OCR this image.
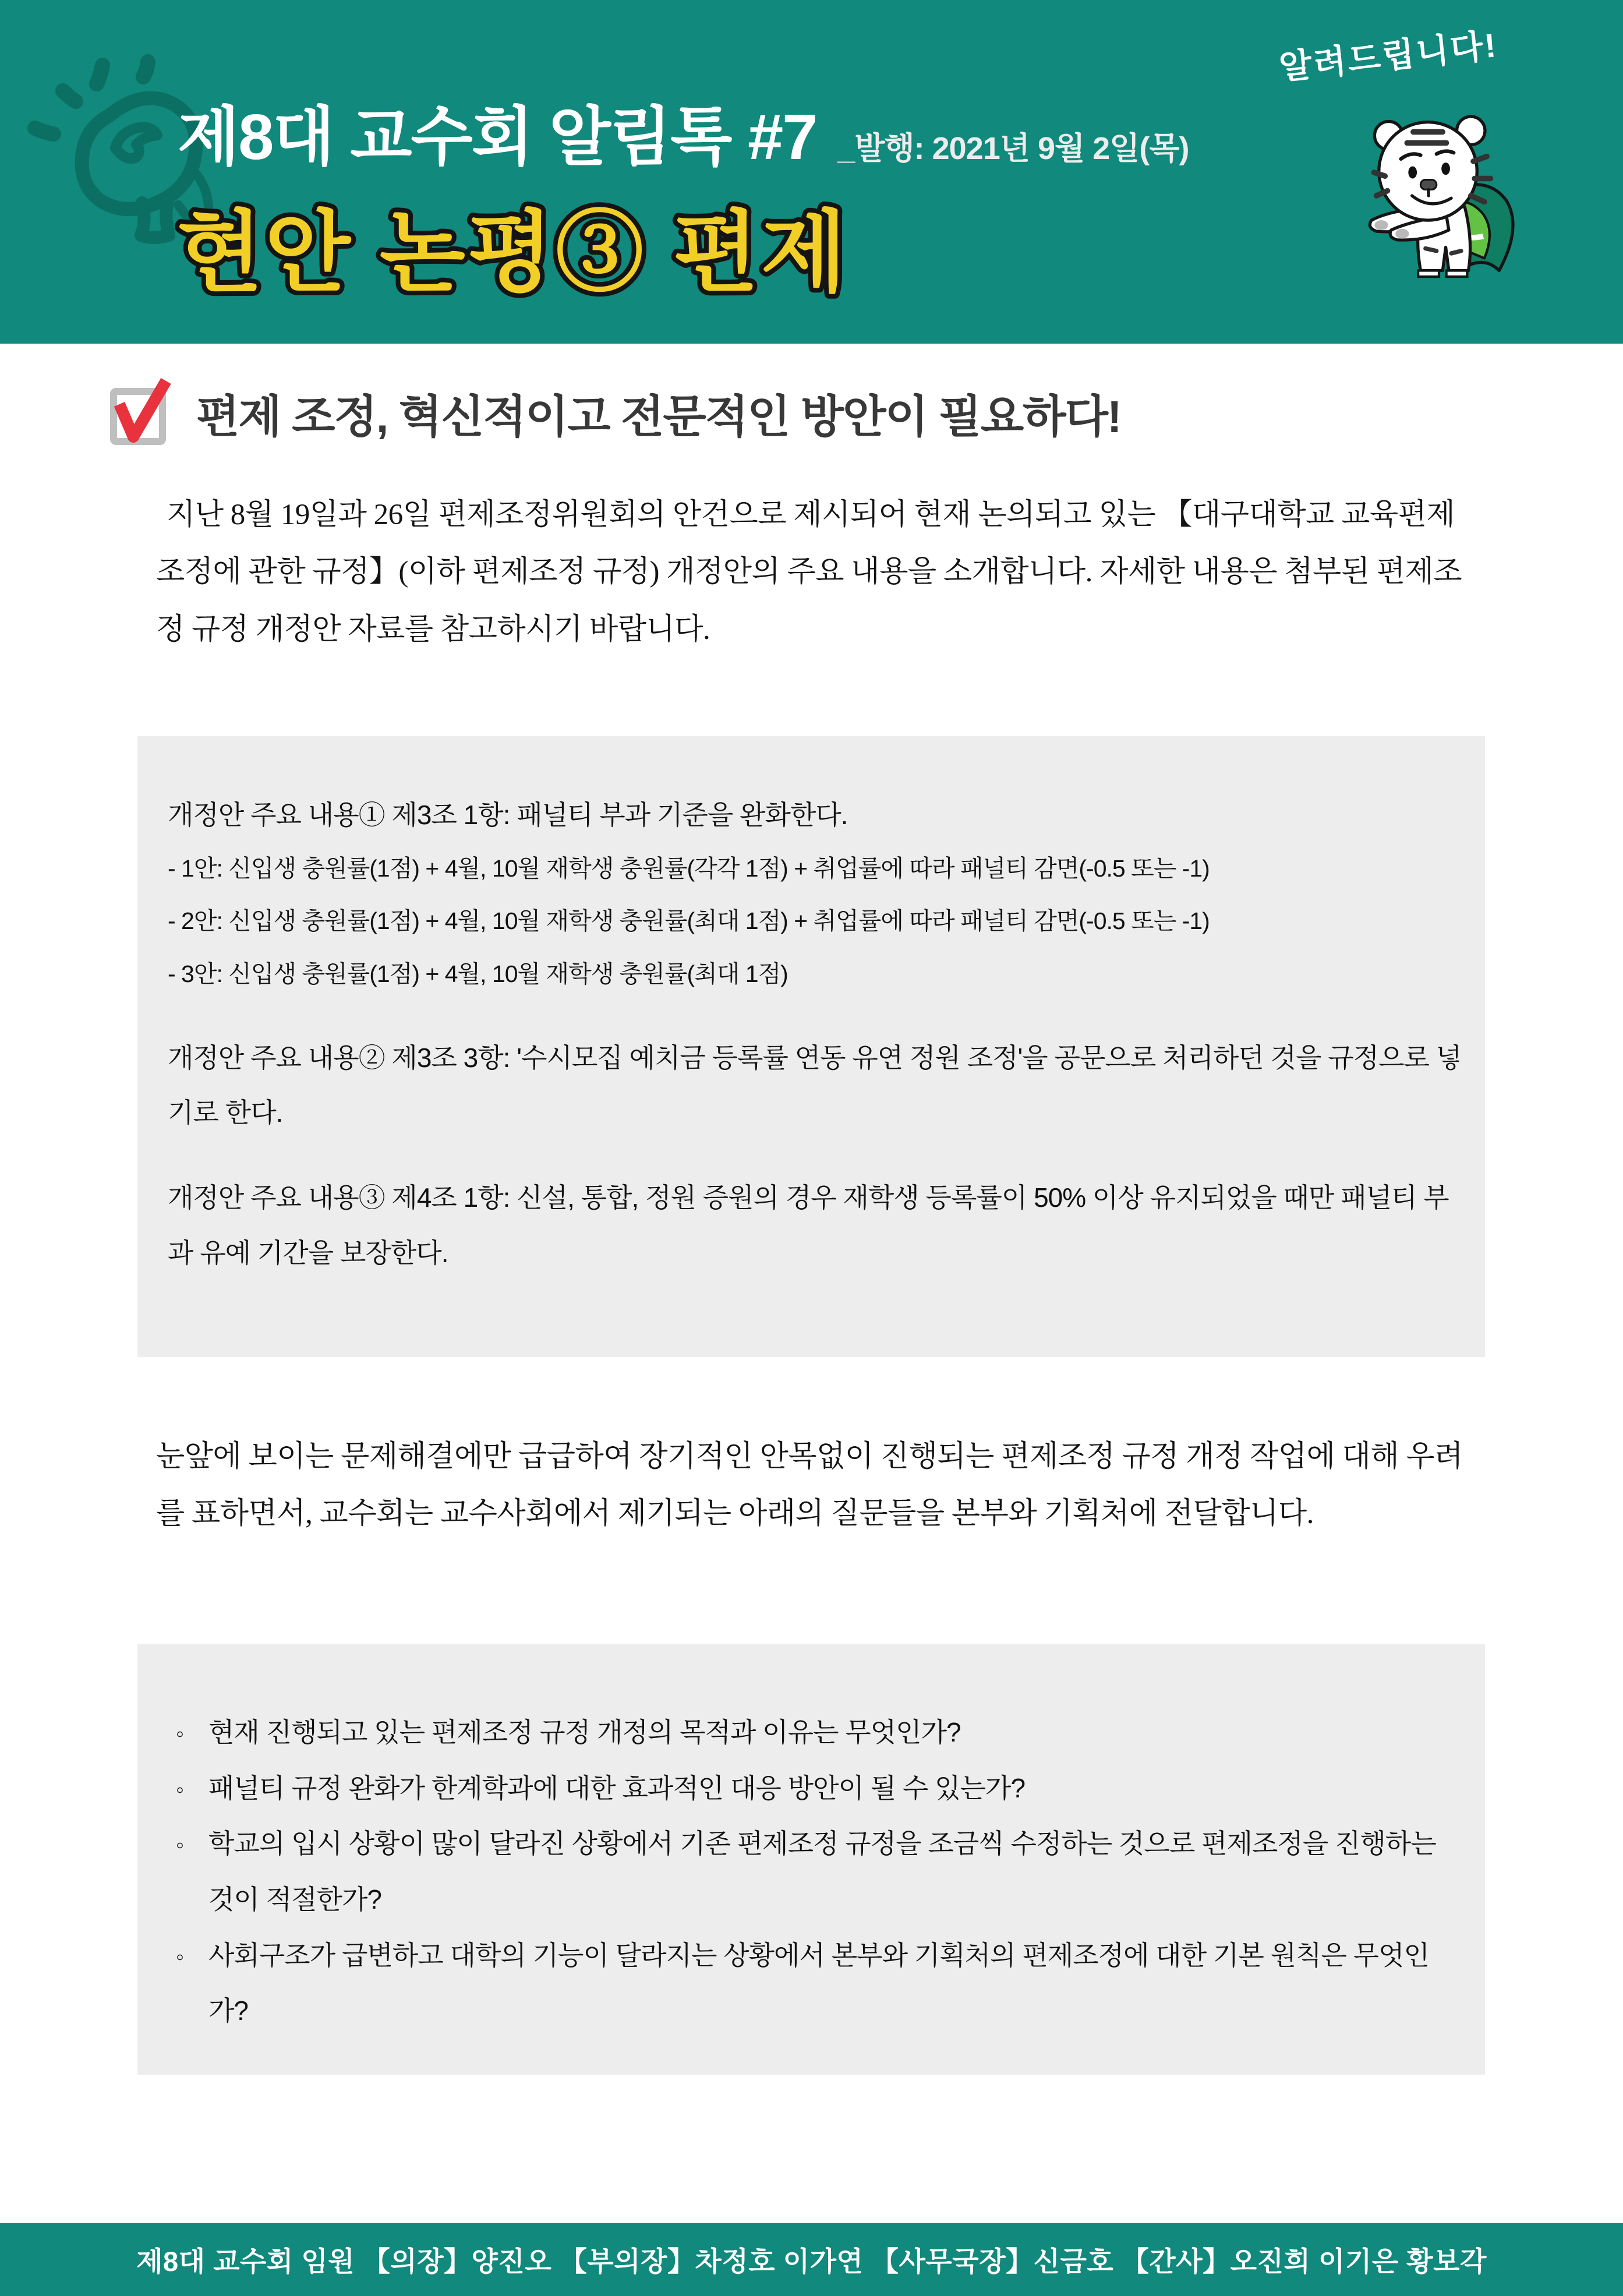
제8대 교수회 알림톡 #7 _발행: 2021년 9월 2일(목)
현안 논평③ 편제
알려드립니다!
편제 조정, 혁신적이고 전문적인 방안이 필요하다!

지난 8월 19일과 26일 편제조정위원회의 안건으로 제시되어 현재 논의되고 있는 【대구대학교 교육편제 조정에 관한 규정】(이하 편제조정 규정) 개정안의 주요 내용을 소개합니다. 자세한 내용은 첨부된 편제조정 규정 개정안 자료를 참고하시기 바랍니다.

개정안 주요 내용① 제3조 1항: 패널티 부과 기준을 완화한다.
- 1안: 신입생 충원률(1점) + 4월, 10월 재학생 충원률(각각 1점) + 취업률에 따라 패널티 감면(-0.5 또는 -1)
- 2안: 신입생 충원률(1점) + 4월, 10월 재학생 충원률(최대 1점) + 취업률에 따라 패널티 감면(-0.5 또는 -1)
- 3안: 신입생 충원률(1점) + 4월, 10월 재학생 충원률(최대 1점)
개정안 주요 내용② 제3조 3항: '수시모집 예치금 등록률 연동 유연 정원 조정'을 공문으로 처리하던 것을 규정으로 넣기로 한다.
개정안 주요 내용③ 제4조 1항: 신설, 통합, 정원 증원의 경우 재학생 등록률이 50% 이상 유지되었을 때만 패널티 부과 유예 기간을 보장한다.

눈앞에 보이는 문제해결에만 급급하여 장기적인 안목없이 진행되는 편제조정 규정 개정 작업에 대해 우려를 표하면서, 교수회는 교수사회에서 제기되는 아래의 질문들을 본부와 기획처에 전달합니다.

◦ 현재 진행되고 있는 편제조정 규정 개정의 목적과 이유는 무엇인가?
◦ 패널티 규정 완화가 한계학과에 대한 효과적인 대응 방안이 될 수 있는가?
◦ 학교의 입시 상황이 많이 달라진 상황에서 기존 편제조정 규정을 조금씩 수정하는 것으로 편제조정을 진행하는 것이 적절한가?
◦ 사회구조가 급변하고 대학의 기능이 달라지는 상황에서 본부와 기획처의 편제조정에 대한 기본 원칙은 무엇인가?
제8대 교수회 임원 【의장】양진오 【부의장】차정호 이가연 【사무국장】신금호 【간사】오진희 이기은 황보각
